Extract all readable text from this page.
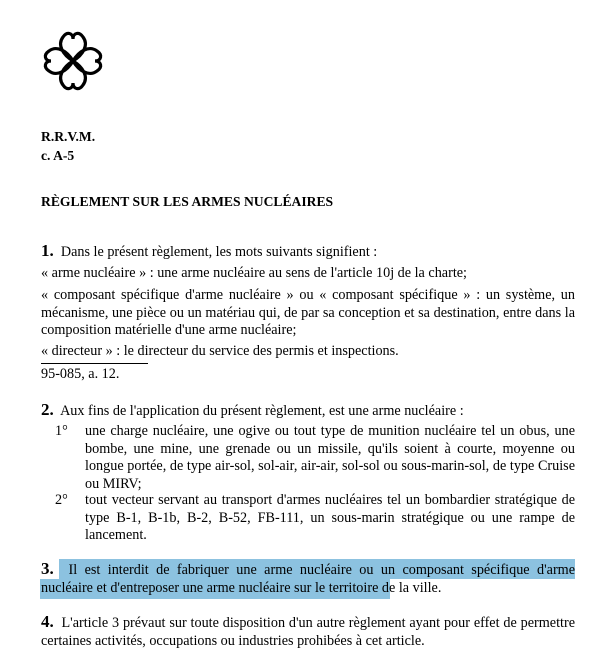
R.R.V.M.
c. A-5
RÈGLEMENT SUR LES ARMES NUCLÉAIRES
1. Dans le présent règlement, les mots suivants signifient :
« arme nucléaire » : une arme nucléaire au sens de l'article 10j de la charte;
« composant spécifique d'arme nucléaire » ou « composant spécifique » : un système, un mécanisme, une pièce ou un matériau qui, de par sa conception et sa destination, entre dans la composition matérielle d'une arme nucléaire;
« directeur » : le directeur du service des permis et inspections.
95-085, a. 12.
2. Aux fins de l'application du présent règlement, est une arme nucléaire :
1°	une charge nucléaire, une ogive ou tout type de munition nucléaire tel un obus, une bombe, une mine, une grenade ou un missile, qu'ils soient à courte, moyenne ou longue portée, de type air-sol, sol-air, air-air, sol-sol ou sous-marin-sol, de type Cruise ou MIRV;
2°	tout vecteur servant au transport d'armes nucléaires tel un bombardier stratégique de type B-1, B-1b, B-2, B-52, FB-111, un sous-marin stratégique ou une rampe de lancement.
3. Il est interdit de fabriquer une arme nucléaire ou un composant spécifique d'arme nucléaire et d'entreposer une arme nucléaire sur le territoire de la ville.
4. L'article 3 prévaut sur toute disposition d'un autre règlement ayant pour effet de permettre certaines activités, occupations ou industries prohibées à cet article.
